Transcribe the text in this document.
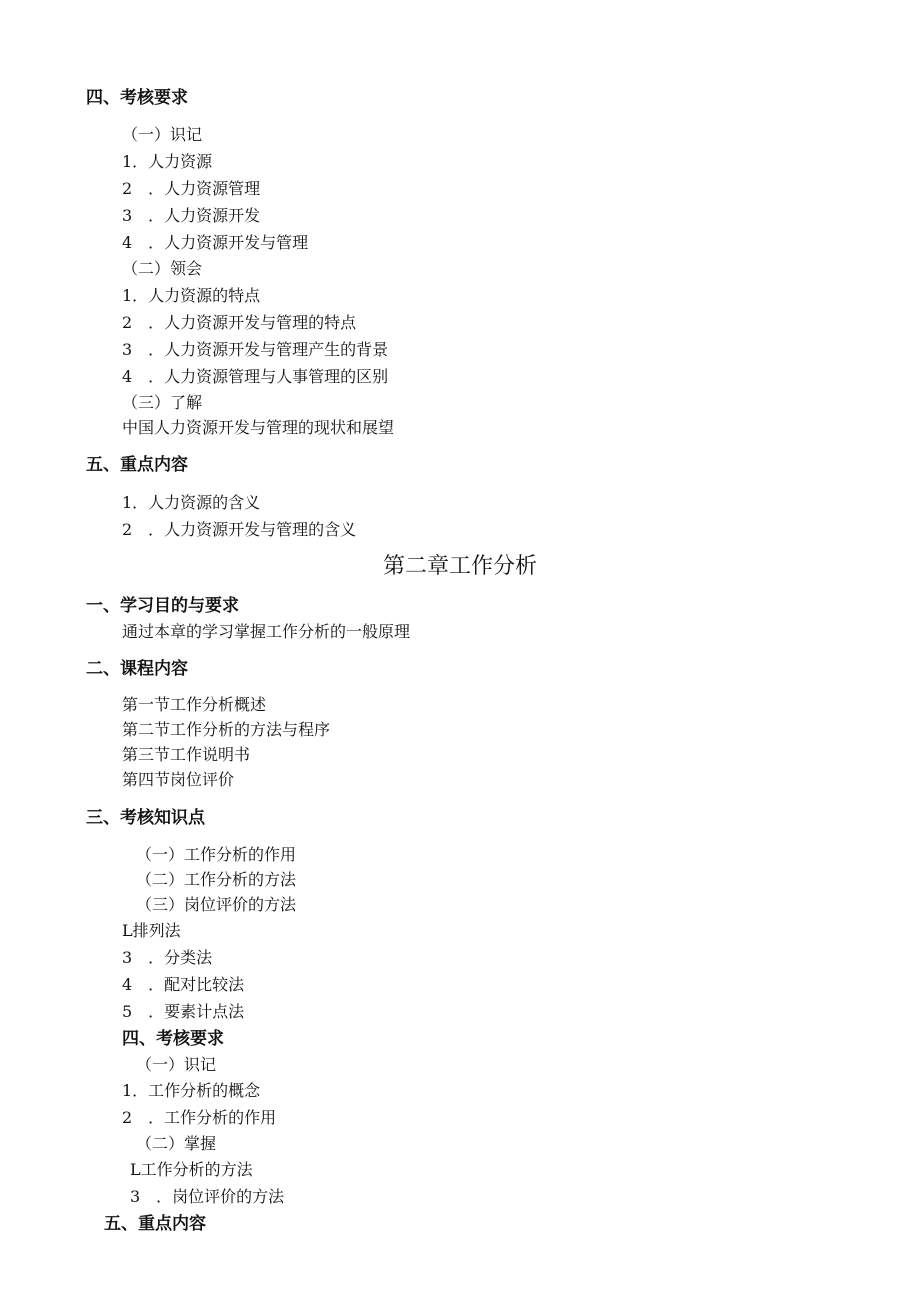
四、考核要求
（一）识记
1．人力资源
2　．人力资源管理
3　．人力资源开发
4　．人力资源开发与管理
（二）领会
1．人力资源的特点
2　．人力资源开发与管理的特点
3　．人力资源开发与管理产生的背景
4　．人力资源管理与人事管理的区别
（三）了解
中国人力资源开发与管理的现状和展望
五、重点内容
1．人力资源的含义
2　．人力资源开发与管理的含义
第二章工作分析
一、学习目的与要求
通过本章的学习掌握工作分析的一般原理
二、课程内容
第一节工作分析概述
第二节工作分析的方法与程序
第三节工作说明书
第四节岗位评价
三、考核知识点
（一）工作分析的作用
（二）工作分析的方法
（三）岗位评价的方法
L排列法
3　．分类法
4　．配对比较法
5　．要素计点法
四、考核要求
（一）识记
1．工作分析的概念
2　．工作分析的作用
（二）掌握
L工作分析的方法
3　．岗位评价的方法
五、重点内容
